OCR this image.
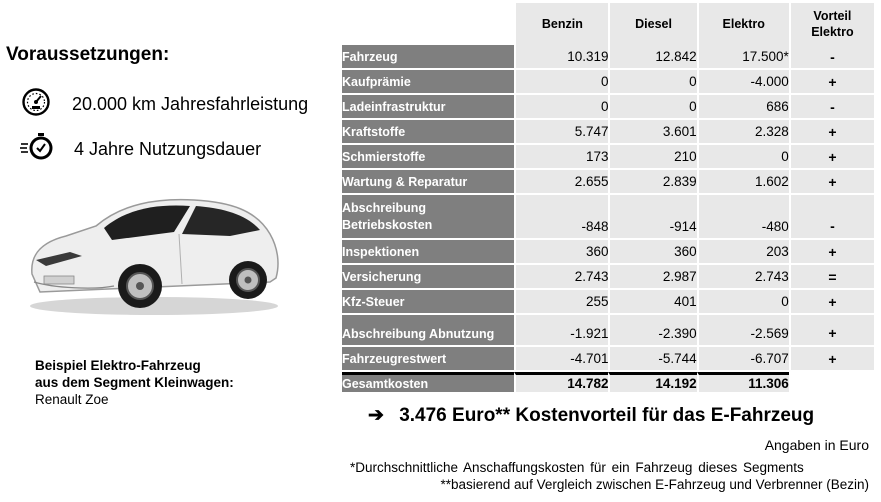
Voraussetzungen:
20.000 km Jahresfahrleistung
4 Jahre Nutzungsdauer
Beispiel Elektro-Fahrzeug
aus dem Segment Kleinwagen:
Renault Zoe
	Benzin	Diesel	Elektro	Vorteil Elektro
Fahrzeug	10.319	12.842	17.500*	-
Kaufprämie	0	0	-4.000	+
Ladeinfrastruktur	0	0	686	-
Kraftstoffe	5.747	3.601	2.328	+
Schmierstoffe	173	210	0	+
Wartung & Reparatur	2.655	2.839	1.602	+
Abschreibung Betriebskosten	-848	-914	-480	-
Inspektionen	360	360	203	+
Versicherung	2.743	2.987	2.743	=
Kfz-Steuer	255	401	0	+
Abschreibung Abnutzung	-1.921	-2.390	-2.569	+
Fahrzeugrestwert	-4.701	-5.744	-6.707	+
Gesamtkosten	14.782	14.192	11.306	
➔ 3.476 Euro** Kostenvorteil für das E-Fahrzeug
Angaben in Euro
*Durchschnittliche Anschaffungskosten für ein Fahrzeug dieses Segments
**basierend auf Vergleich zwischen E-Fahrzeug und Verbrenner (Bezin)
